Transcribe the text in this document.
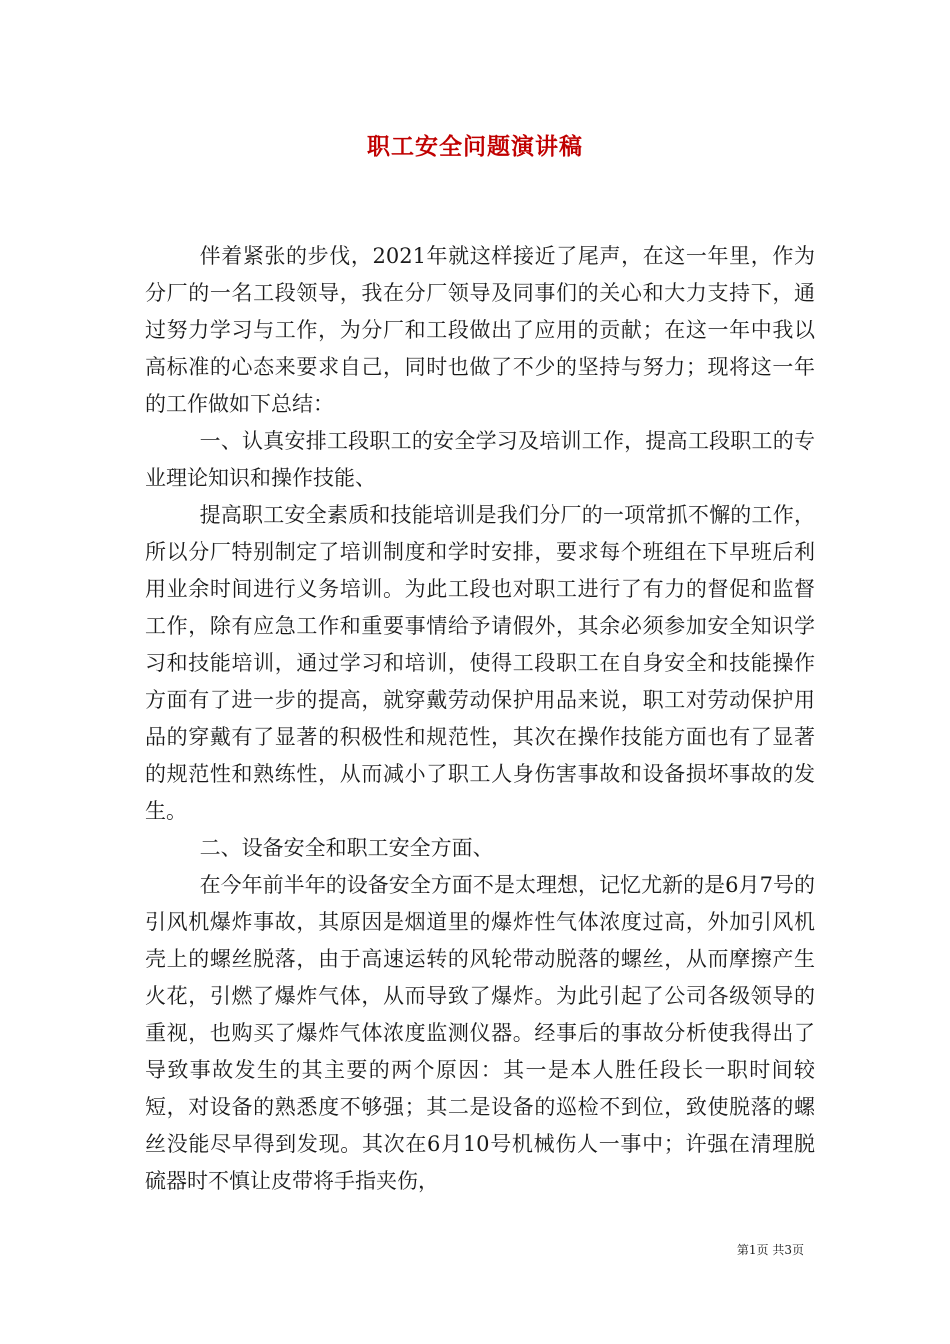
职工安全问题演讲稿

伴着紧张的步伐，2021年就这样接近了尾声，在这一年里，作为分厂的一名工段领导，我在分厂领导及同事们的关心和大力支持下，通过努力学习与工作，为分厂和工段做出了应用的贡献；在这一年中我以高标准的心态来要求自己，同时也做了不少的坚持与努力；现将这一年的工作做如下总结：

一、认真安排工段职工的安全学习及培训工作，提高工段职工的专业理论知识和操作技能、

提高职工安全素质和技能培训是我们分厂的一项常抓不懈的工作，所以分厂特别制定了培训制度和学时安排，要求每个班组在下早班后利用业余时间进行义务培训。为此工段也对职工进行了有力的督促和监督工作，除有应急工作和重要事情给予请假外，其余必须参加安全知识学习和技能培训，通过学习和培训，使得工段职工在自身安全和技能操作方面有了进一步的提高，就穿戴劳动保护用品来说，职工对劳动保护用品的穿戴有了显著的积极性和规范性，其次在操作技能方面也有了显著的规范性和熟练性，从而减小了职工人身伤害事故和设备损坏事故的发生。

二、设备安全和职工安全方面、

在今年前半年的设备安全方面不是太理想，记忆尤新的是6月7号的引风机爆炸事故，其原因是烟道里的爆炸性气体浓度过高，外加引风机壳上的螺丝脱落，由于高速运转的风轮带动脱落的螺丝，从而摩擦产生火花，引燃了爆炸气体，从而导致了爆炸。为此引起了公司各级领导的重视，也购买了爆炸气体浓度监测仪器。经事后的事故分析使我得出了导致事故发生的其主要的两个原因：其一是本人胜任段长一职时间较短，对设备的熟悉度不够强；其二是设备的巡检不到位，致使脱落的螺丝没能尽早得到发现。其次在6月10号机械伤人一事中；许强在清理脱硫器时不慎让皮带将手指夹伤，

第1页 共3页
